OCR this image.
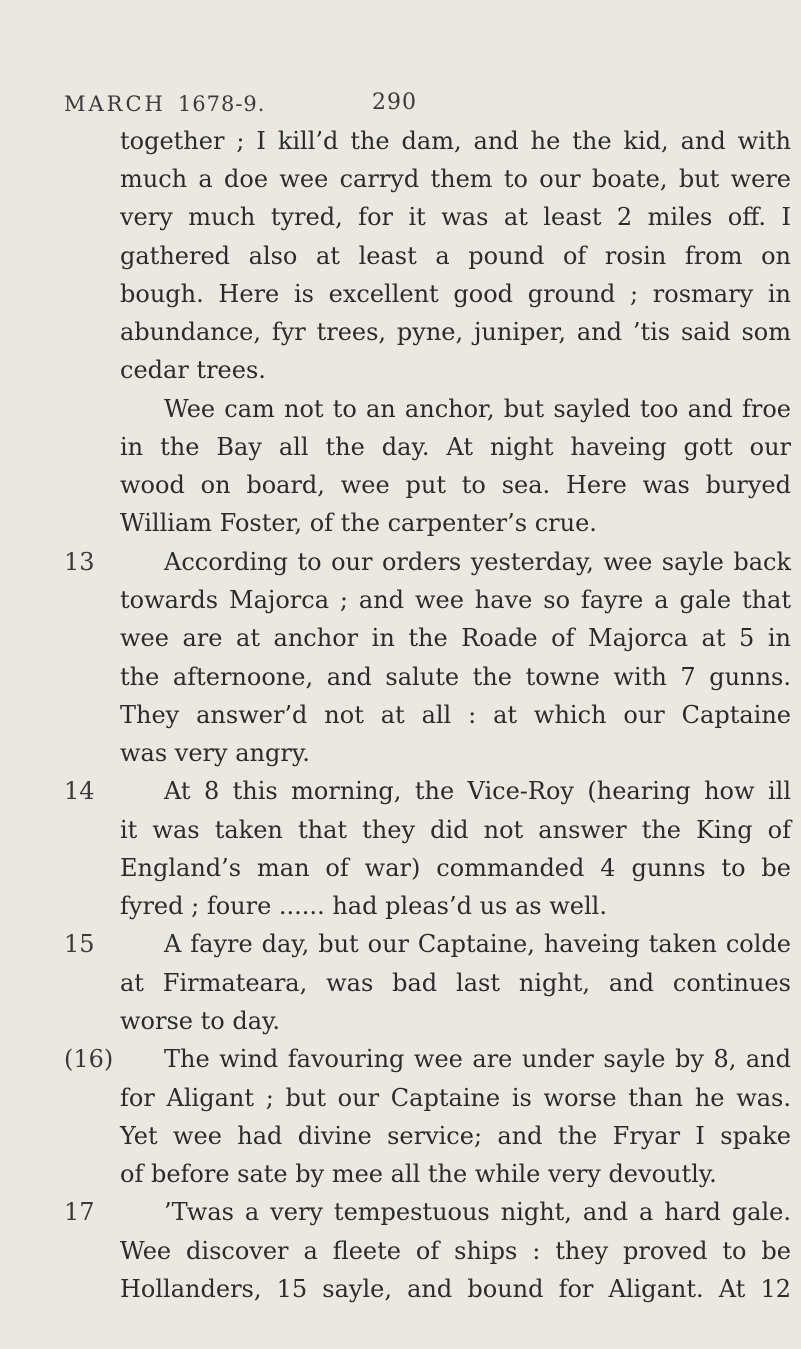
MARCH 1678-9.	290
together ; I kill’d the dam, and he the kid, and with
much a doe wee carryd them to our boate, but were
very much tyred, for it was at least 2 miles off. I
gathered also at least a pound of rosin from on
bough. Here is excellent good ground ; rosmary in
abundance, fyr trees, pyne, juniper, and ’tis said som
cedar trees.
Wee cam not to an anchor, but sayled too and froe
in the Bay all the day. At night haveing gott our
wood on board, wee put to sea. Here was buryed
William Foster, of the carpenter’s crue.
13	According to our orders yesterday, wee sayle back
towards Majorca ; and wee have so fayre a gale that
wee are at anchor in the Roade of Majorca at 5 in
the afternoone, and salute the towne with 7 gunns.
They answer’d not at all : at which our Captaine
was very angry.
14	At 8 this morning, the Vice-Roy (hearing how ill
it was taken that they did not answer the King of
England’s man of war) commanded 4 gunns to be
fyred ; foure ...... had pleas’d us as well.
15	A fayre day, but our Captaine, haveing taken colde
at Firmateara, was bad last night, and continues
worse to day.
(16) The wind favouring wee are under sayle by 8, and
for Aligant ; but our Captaine is worse than he was.
Yet wee had divine service; and the Fryar I spake
of before sate by mee all the while very devoutly.
17	’Twas a very tempestuous night, and a hard gale.
Wee discover a fleete of ships : they proved to be
Hollanders, 15 sayle, and bound for Aligant. At 12
